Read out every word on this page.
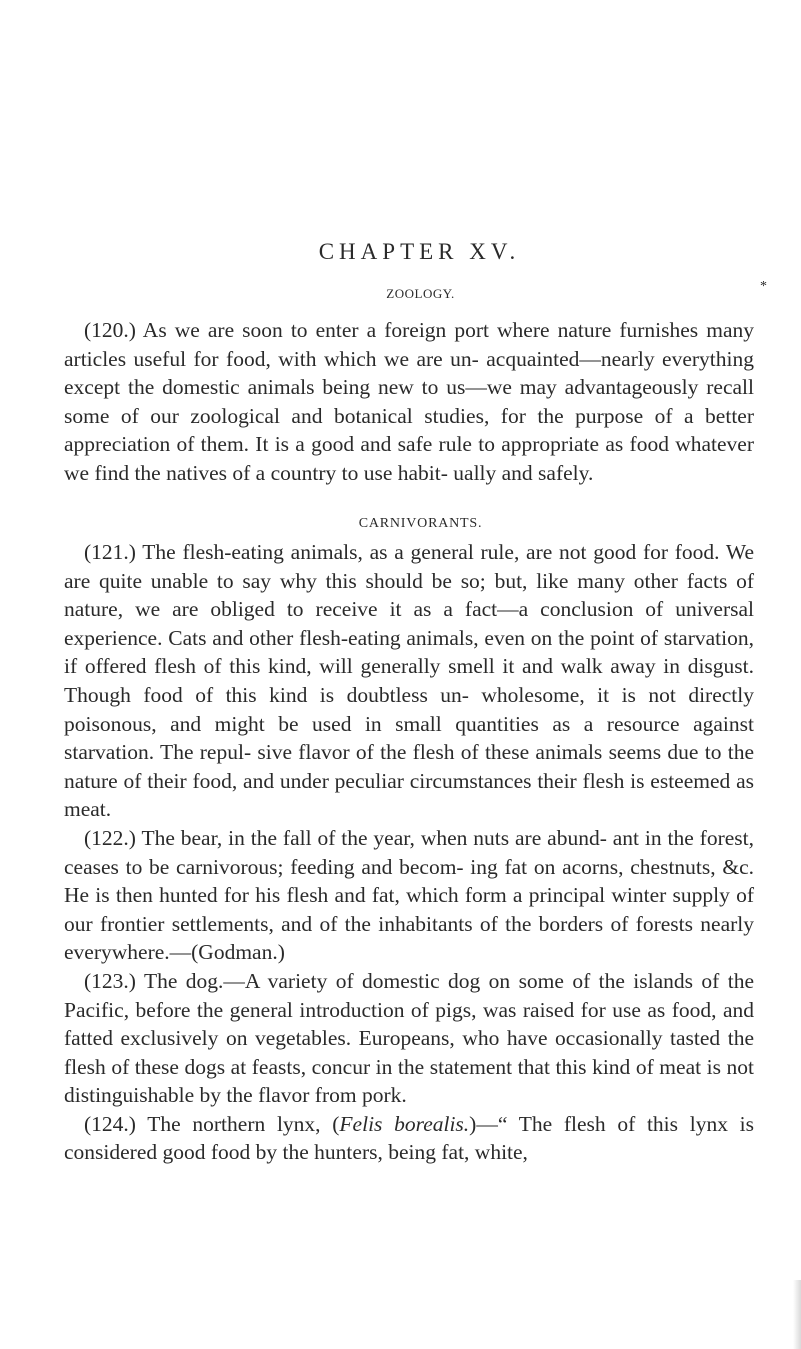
CHAPTER XV.
ZOOLOGY.	*

(120.) As we are soon to enter a foreign port where nature furnishes many articles useful for food, with which we are un- acquainted—nearly everything except the domestic animals being new to us—we may advantageously recall some of our zoological and botanical studies, for the purpose of a better appreciation of them. It is a good and safe rule to appropriate as food whatever we find the natives of a country to use habit- ually and safely.

CARNIVORANTS.

(121.) The flesh-eating animals, as a general rule, are not good for food. We are quite unable to say why this should be so; but, like many other facts of nature, we are obliged to receive it as a fact—a conclusion of universal experience. Cats and other flesh-eating animals, even on the point of starvation, if offered flesh of this kind, will generally smell it and walk away in disgust. Though food of this kind is doubtless un- wholesome, it is not directly poisonous, and might be used in small quantities as a resource against starvation. The repul- sive flavor of the flesh of these animals seems due to the nature of their food, and under peculiar circumstances their flesh is esteemed as meat.

(122.) The bear, in the fall of the year, when nuts are abund- ant in the forest, ceases to be carnivorous; feeding and becom- ing fat on acorns, chestnuts, &c. He is then hunted for his flesh and fat, which form a principal winter supply of our frontier settlements, and of the inhabitants of the borders of forests nearly everywhere.—(Godman.)

(123.) The dog.—A variety of domestic dog on some of the islands of the Pacific, before the general introduction of pigs, was raised for use as food, and fatted exclusively on vegetables. Europeans, who have occasionally tasted the flesh of these dogs at feasts, concur in the statement that this kind of meat is not distinguishable by the flavor from pork.

(124.) The northern lynx, (Felis borealis.)—“ The flesh of this lynx is considered good food by the hunters, being fat, white,
